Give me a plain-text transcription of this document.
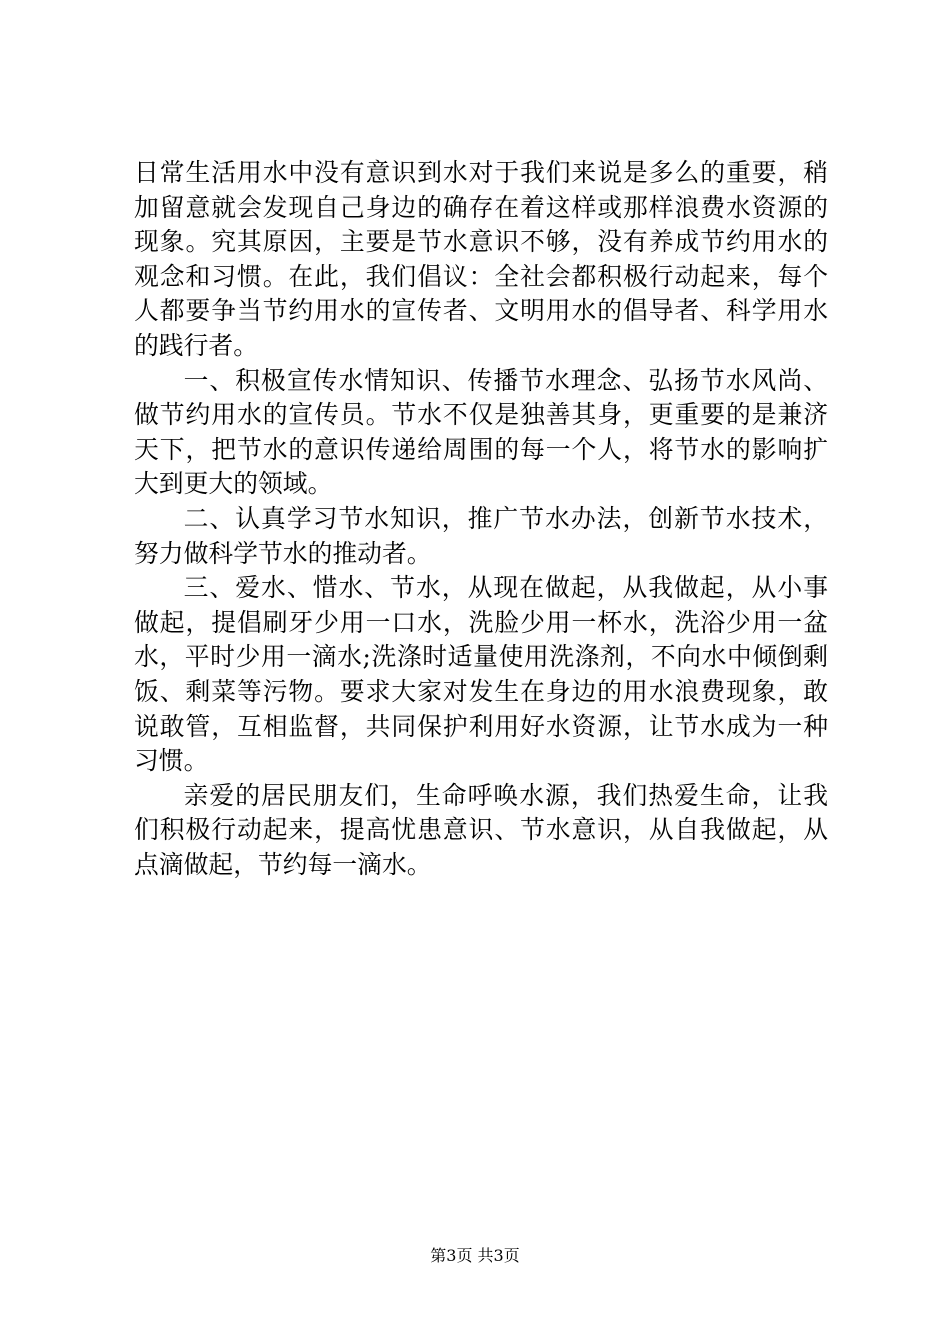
日常生活用水中没有意识到水对于我们来说是多么的重要，稍加留意就会发现自己身边的确存在着这样或那样浪费水资源的现象。究其原因，主要是节水意识不够，没有养成节约用水的观念和习惯。在此，我们倡议：全社会都积极行动起来，每个人都要争当节约用水的宣传者、文明用水的倡导者、科学用水的践行者。

一、积极宣传水情知识、传播节水理念、弘扬节水风尚、做节约用水的宣传员。节水不仅是独善其身，更重要的是兼济天下，把节水的意识传递给周围的每一个人，将节水的影响扩大到更大的领域。

二、认真学习节水知识，推广节水办法，创新节水技术，努力做科学节水的推动者。

三、爱水、惜水、节水，从现在做起，从我做起，从小事做起，提倡刷牙少用一口水，洗脸少用一杯水，洗浴少用一盆水，平时少用一滴水;洗涤时适量使用洗涤剂，不向水中倾倒剩饭、剩菜等污物。要求大家对发生在身边的用水浪费现象，敢说敢管，互相监督，共同保护利用好水资源，让节水成为一种习惯。

亲爱的居民朋友们，生命呼唤水源，我们热爱生命，让我们积极行动起来，提高忧患意识、节水意识，从自我做起，从点滴做起，节约每一滴水。

第3页 共3页
